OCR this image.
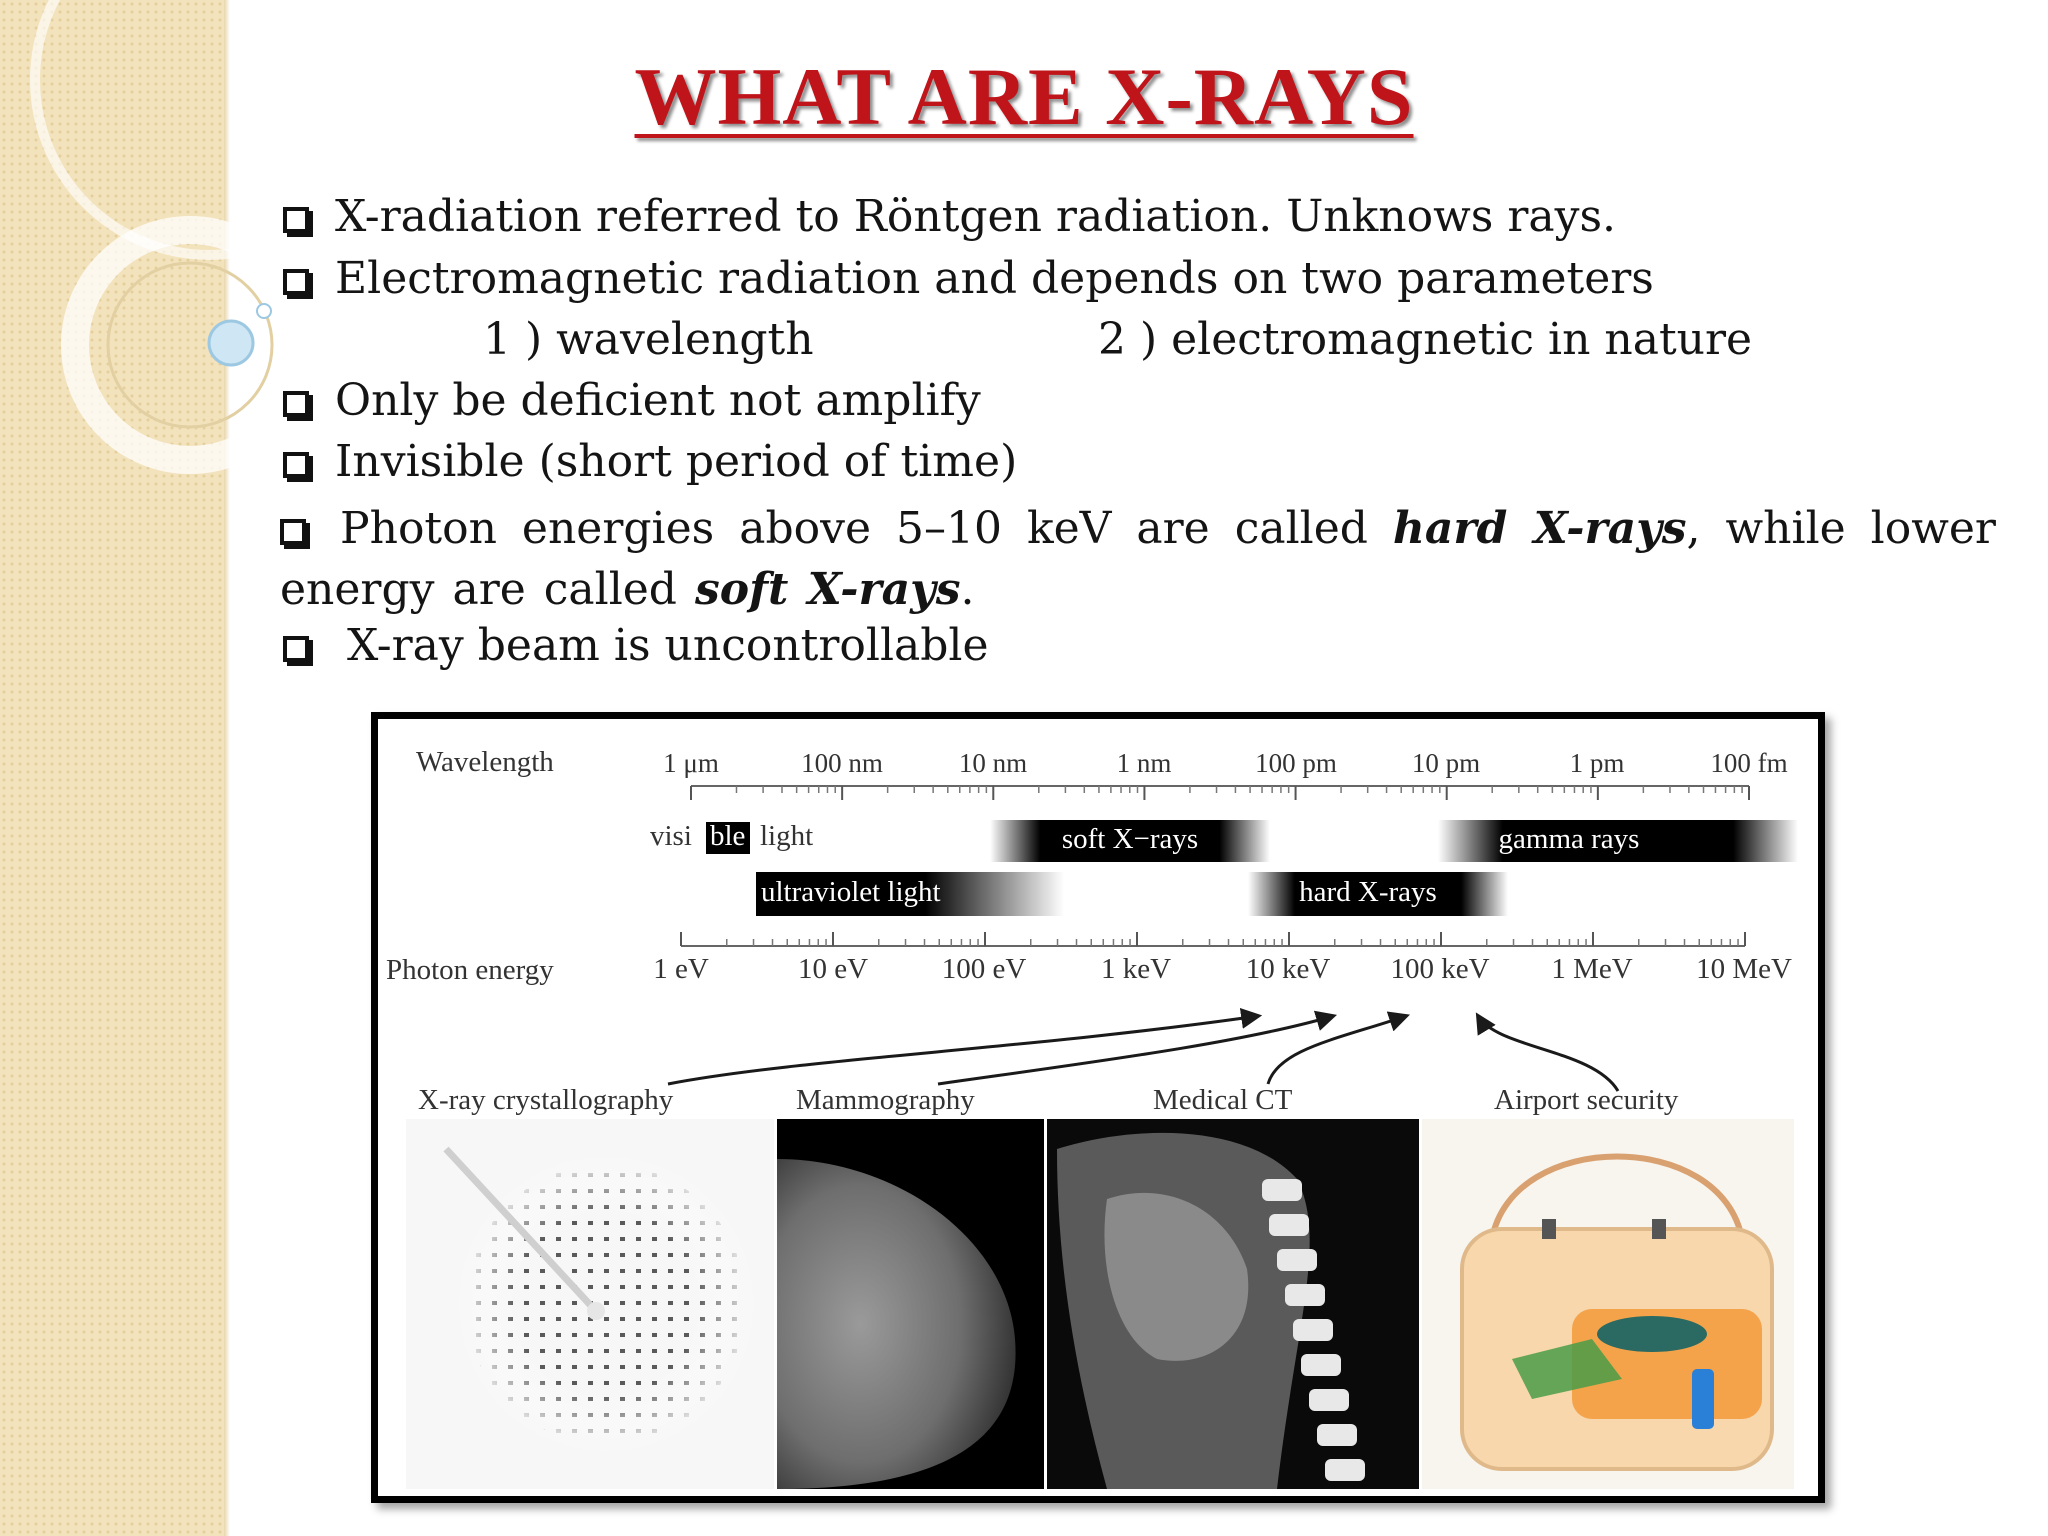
WHAT ARE X-RAYS
X-radiation referred to Röntgen radiation. Unknows rays.
Electromagnetic radiation and depends on two parameters
1 ) wavelength	2 ) electromagnetic in nature
Only be deficient not amplify
Invisible (short period of time)
Photon energies above 5–10 keV are called hard X-rays, while lower energy are called soft X-rays.
X-ray beam is uncontrollable
Wavelength	1 μm	100 nm	10 nm	1 nm	100 pm	10 pm	1 pm	100 fm
visi ble light	soft X−rays	gamma rays
ultraviolet light	hard X-rays
Photon energy	1 eV	10 eV	100 eV	1 keV	10 keV 100 keV 1 MeV 10 MeV
X-ray crystallography	Mammography	Medical CT	Airport security
